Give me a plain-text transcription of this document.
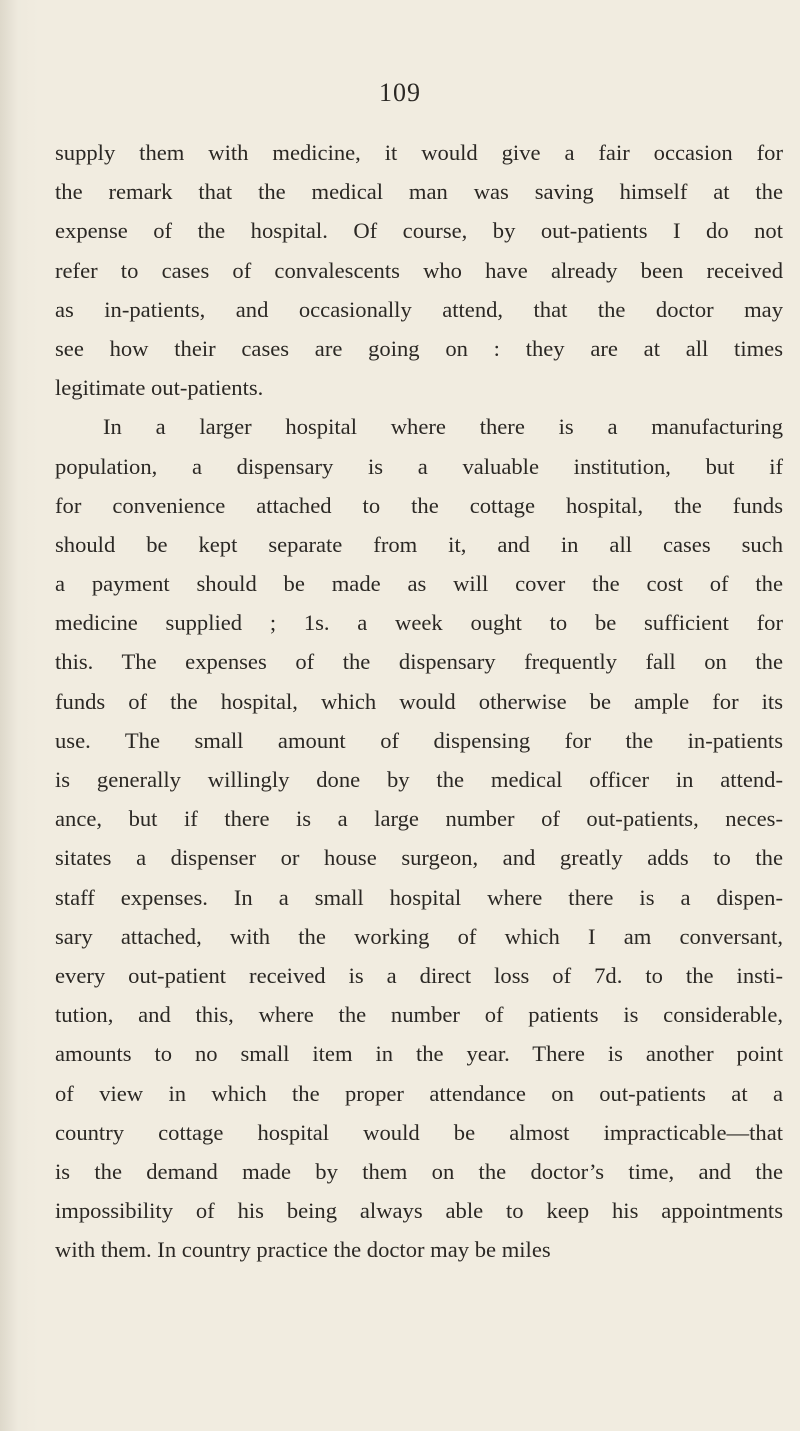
109
supply them with medicine, it would give a fair occasion for
the remark that the medical man was saving himself at the
expense of the hospital. Of course, by out-patients I do not
refer to cases of convalescents who have already been received
as in-patients, and occasionally attend, that the doctor may
see how their cases are going on : they are at all times
legitimate out-patients.
In a larger hospital where there is a manufacturing
population, a dispensary is a valuable institution, but if
for convenience attached to the cottage hospital, the funds
should be kept separate from it, and in all cases such
a payment should be made as will cover the cost of the
medicine supplied ; 1s. a week ought to be sufficient for
this. The expenses of the dispensary frequently fall on the
funds of the hospital, which would otherwise be ample for its
use. The small amount of dispensing for the in-patients
is generally willingly done by the medical officer in attend-
ance, but if there is a large number of out-patients, neces-
sitates a dispenser or house surgeon, and greatly adds to the
staff expenses. In a small hospital where there is a dispen-
sary attached, with the working of which I am conversant,
every out-patient received is a direct loss of 7d. to the insti-
tution, and this, where the number of patients is considerable,
amounts to no small item in the year. There is another point
of view in which the proper attendance on out-patients at a
country cottage hospital would be almost impracticable—that
is the demand made by them on the doctor’s time, and the
impossibility of his being always able to keep his appointments
with them. In country practice the doctor may be miles
